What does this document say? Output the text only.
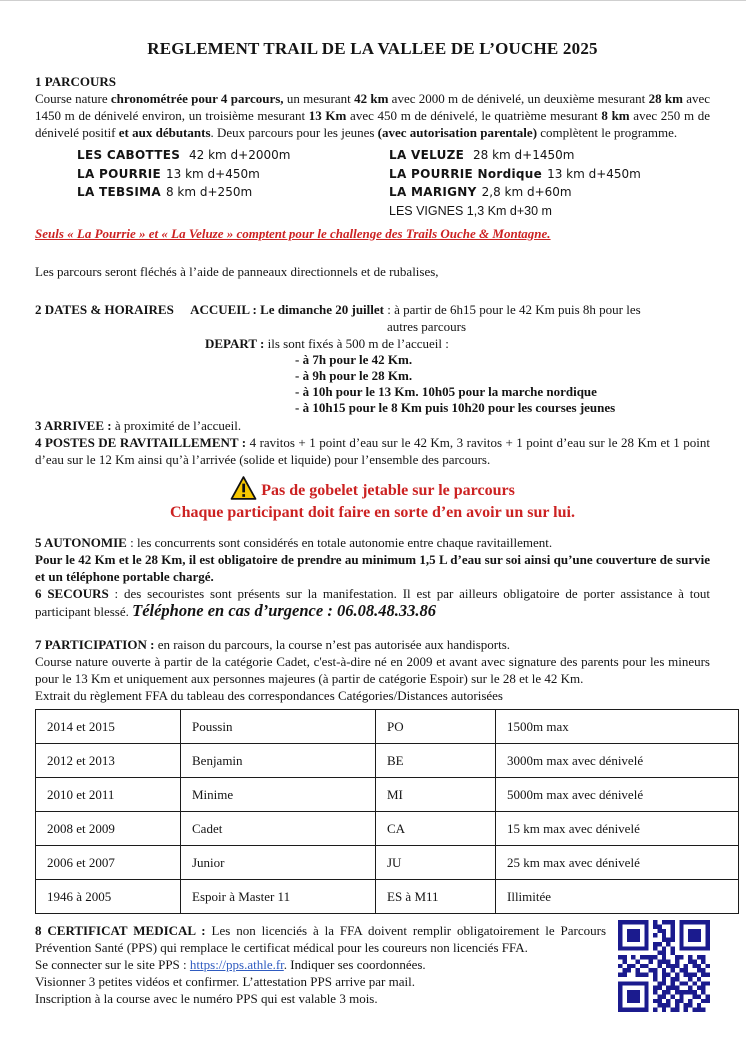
REGLEMENT TRAIL DE LA VALLEE DE L’OUCHE 2025
1 PARCOURS

Course nature chronométrée pour 4 parcours, un mesurant 42 km avec 2000 m de dénivelé, un deuxième mesurant 28 km avec 1450 m de dénivelé environ, un troisième mesurant 13 Km avec 450 m de dénivelé, le quatrième mesurant 8 km avec 250 m de dénivelé positif et aux débutants. Deux parcours pour les jeunes (avec autorisation parentale) complètent le programme.

LES CABOTTES 42 km d+2000m
LA POURRIE 13 km d+450m
LA TEBSIMA 8 km d+250m
LA VELUZE 28 km d+1450m
LA POURRIE Nordique 13 km d+450m
LA MARIGNY 2,8 km d+60m
LES VIGNES 1,3 Km d+30 m
Seuls « La Pourrie » et « La Veluze » comptent pour le challenge des Trails Ouche & Montagne.
Les parcours seront fléchés à l’aide de panneaux directionnels et de rubalises,
2 DATES & HORAIRES ACCUEIL : Le dimanche 20 juillet : à partir de 6h15 pour le 42 Km puis 8h pour les
autres parcours
DEPART : ils sont fixés à 500 m de l’accueil :
- à 7h pour le 42 Km.
- à 9h pour le 28 Km.
- à 10h pour le 13 Km. 10h05 pour la marche nordique
- à 10h15 pour le 8 Km puis 10h20 pour les courses jeunes
3 ARRIVEE : à proximité de l’accueil.

4 POSTES DE RAVITAILLEMENT : 4 ravitos + 1 point d’eau sur le 42 Km, 3 ravitos + 1 point d’eau sur le 28 Km et 1 point d’eau sur le 12 Km ainsi qu’à l’arrivée (solide et liquide) pour l’ensemble des parcours.

Pas de gobelet jetable sur le parcours
Chaque participant doit faire en sorte d’en avoir un sur lui.
5 AUTONOMIE : les concurrents sont considérés en totale autonomie entre chaque ravitaillement.

Pour le 42 Km et le 28 Km, il est obligatoire de prendre au minimum 1,5 L d’eau sur soi ainsi qu’une couverture de survie et un téléphone portable chargé.

6 SECOURS : des secouristes sont présents sur la manifestation. Il est par ailleurs obligatoire de porter assistance à tout participant blessé. Téléphone en cas d’urgence : 06.08.48.33.86

7 PARTICIPATION : en raison du parcours, la course n’est pas autorisée aux handisports.

Course nature ouverte à partir de la catégorie Cadet, c'est-à-dire né en 2009 et avant avec signature des parents pour les mineurs pour le 13 Km et uniquement aux personnes majeures (à partir de catégorie Espoir) sur le 28 et le 42 Km.

Extrait du règlement FFA du tableau des correspondances Catégories/Distances autorisées
2014 et 2015	Poussin	PO	1500m max
2012 et 2013	Benjamin	BE	3000m max avec dénivelé
2010 et 2011	Minime	MI	5000m max avec dénivelé
2008 et 2009	Cadet	CA	15 km max avec dénivelé
2006 et 2007	Junior	JU	25 km max avec dénivelé
1946 à 2005	Espoir à Master 11	ES à M11	Illimitée

8 CERTIFICAT MEDICAL : Les non licenciés à la FFA doivent remplir obligatoirement le Parcours Prévention Santé (PPS) qui remplace le certificat médical pour les coureurs non licenciés FFA.

Se connecter sur le site PPS : https://pps.athle.fr. Indiquer ses coordonnées.
Visionner 3 petites vidéos et confirmer. L’attestation PPS arrive par mail.
Inscription à la course avec le numéro PPS qui est valable 3 mois.
